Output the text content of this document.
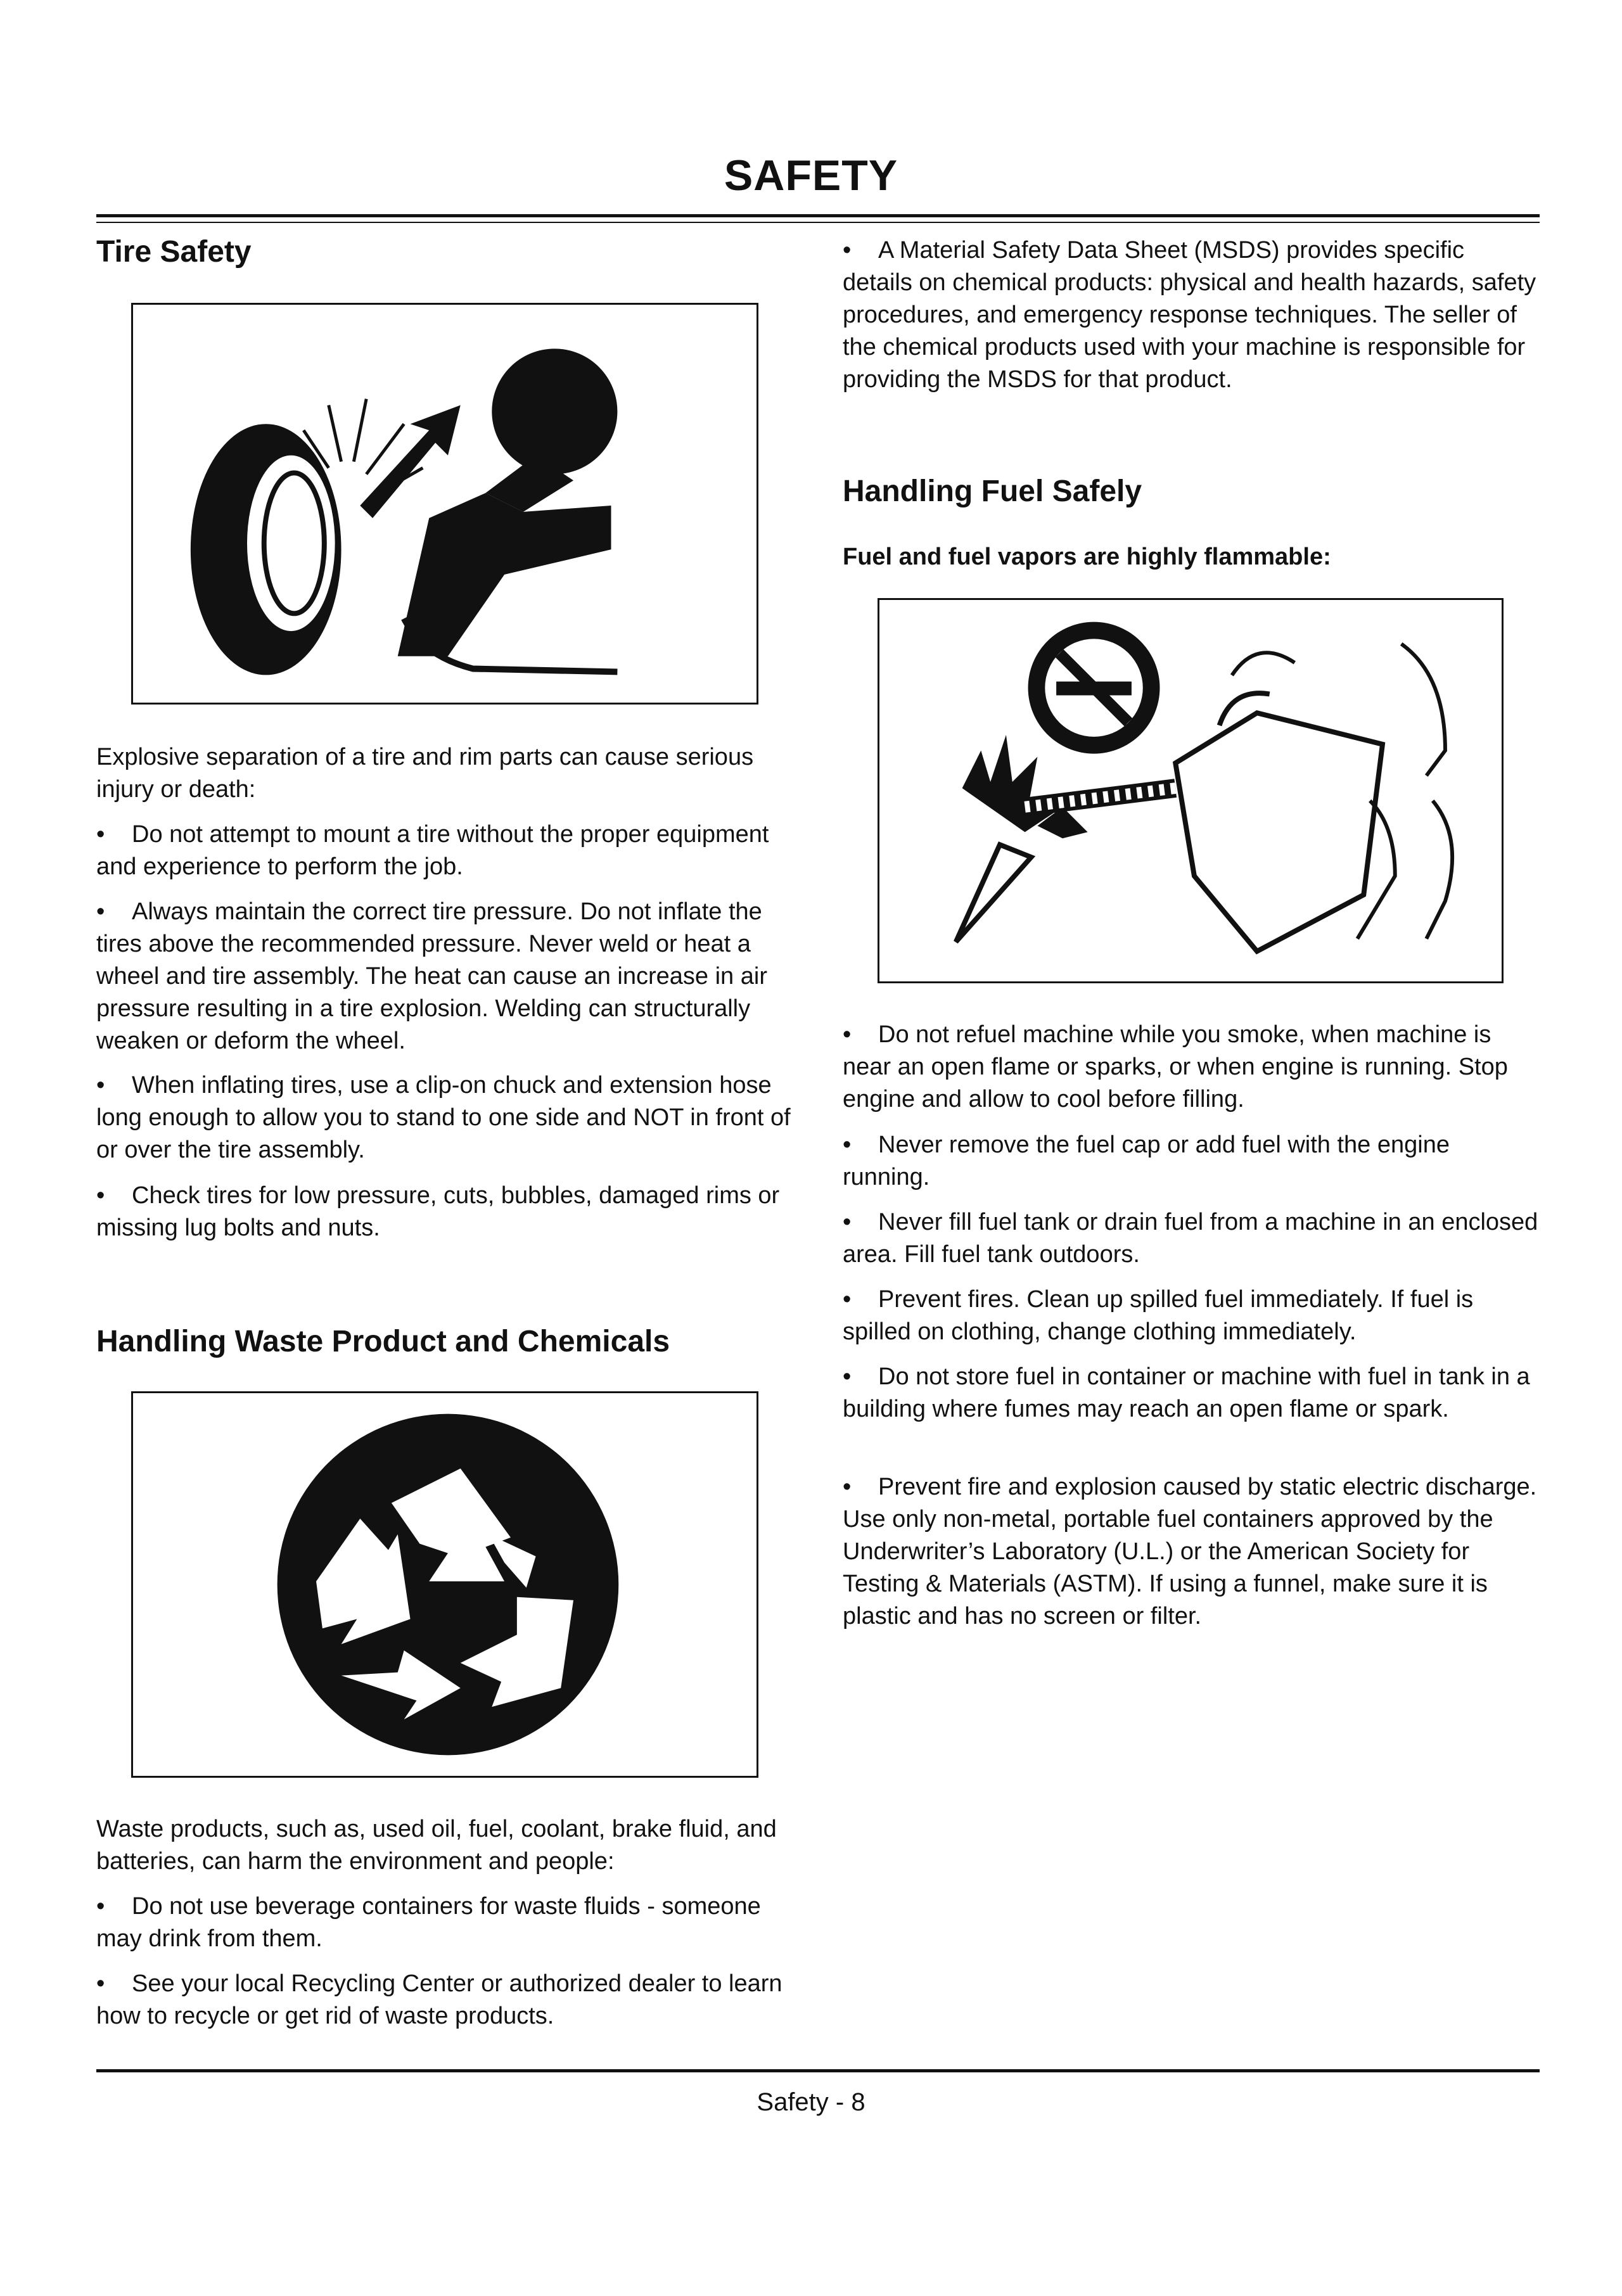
SAFETY
Tire Safety
Explosive separation of a tire and rim parts can cause serious injury or death:
• Do not attempt to mount a tire without the proper equipment and experience to perform the job.
• Always maintain the correct tire pressure. Do not inflate the tires above the recommended pressure. Never weld or heat a wheel and tire assembly. The heat can cause an increase in air pressure resulting in a tire explosion. Welding can structurally weaken or deform the wheel.
• When inflating tires, use a clip-on chuck and extension hose long enough to allow you to stand to one side and NOT in front of or over the tire assembly.
• Check tires for low pressure, cuts, bubbles, damaged rims or missing lug bolts and nuts.
Handling Waste Product and Chemicals
Waste products, such as, used oil, fuel, coolant, brake fluid, and batteries, can harm the environment and people:
• Do not use beverage containers for waste fluids - someone may drink from them.
• See your local Recycling Center or authorized dealer to learn how to recycle or get rid of waste products.
• A Material Safety Data Sheet (MSDS) provides specific details on chemical products: physical and health hazards, safety procedures, and emergency response techniques. The seller of the chemical products used with your machine is responsible for providing the MSDS for that product.
Handling Fuel Safely
Fuel and fuel vapors are highly flammable:
• Do not refuel machine while you smoke, when machine is near an open flame or sparks, or when engine is running. Stop engine and allow to cool before filling.
• Never remove the fuel cap or add fuel with the engine running.
• Never fill fuel tank or drain fuel from a machine in an enclosed area. Fill fuel tank outdoors.
• Prevent fires. Clean up spilled fuel immediately. If fuel is spilled on clothing, change clothing immediately.
• Do not store fuel in container or machine with fuel in tank in a building where fumes may reach an open flame or spark.
• Prevent fire and explosion caused by static electric discharge. Use only non-metal, portable fuel containers approved by the Underwriter’s Laboratory (U.L.) or the American Society for Testing & Materials (ASTM). If using a funnel, make sure it is plastic and has no screen or filter.
Safety - 8
